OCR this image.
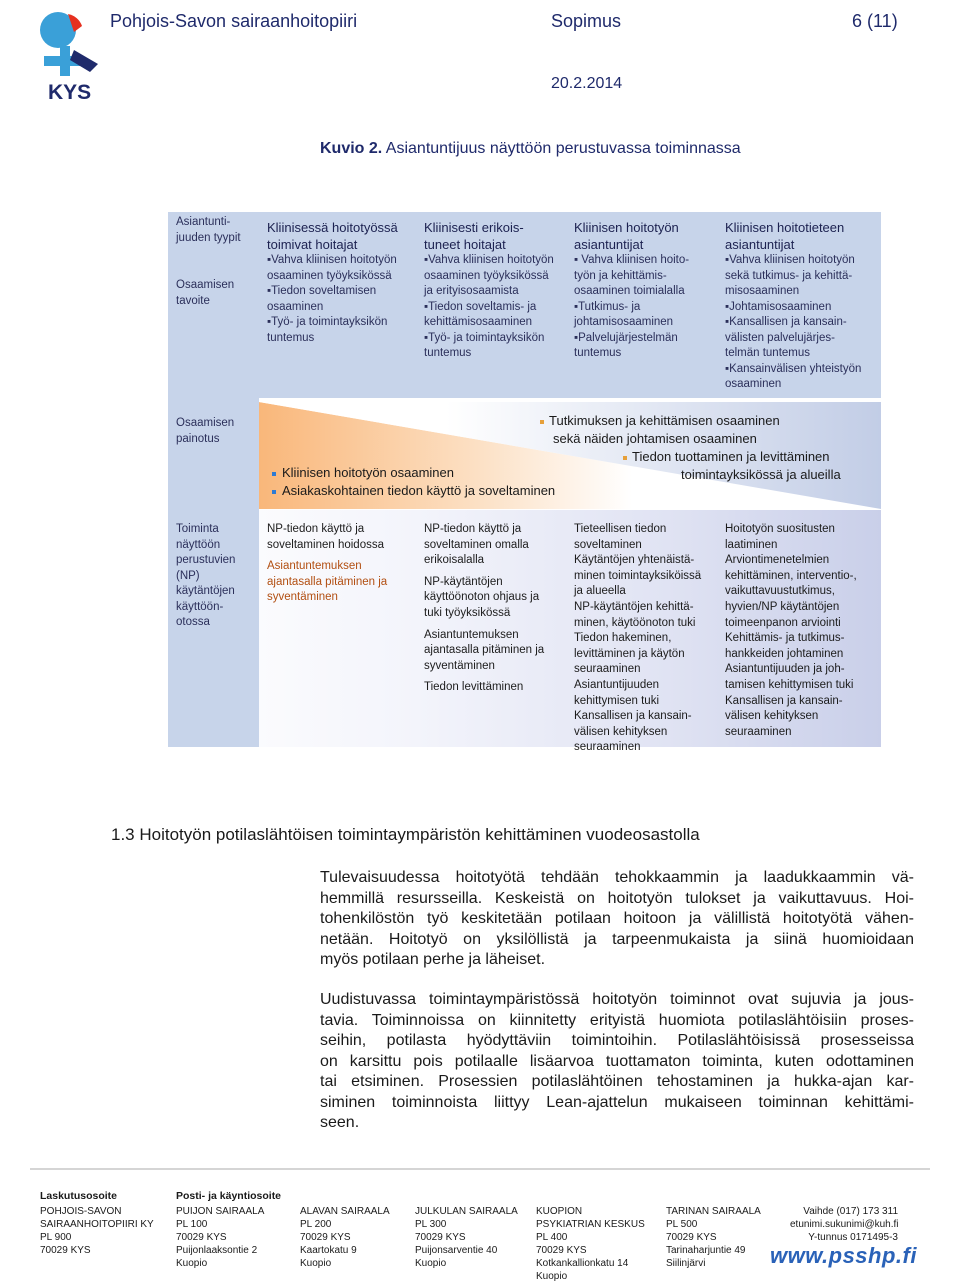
KYS
Pohjois-Savon sairaanhoitopiiri	Sopimus	6 (11)
20.2.2014
Kuvio 2. Asiantuntijuus näyttöön perustuvassa toiminnassa
Asiantunti-
juuden tyypit
Osaamisen
tavoite
Kliinisessä hoitotyössä
toimivat hoitajat
▪Vahva kliinisen hoitotyön
osaaminen työyksikössä
▪Tiedon soveltamisen
osaaminen
▪Työ- ja toimintayksikön
tuntemus

Kliinisesti erikois-
tuneet hoitajat
▪Vahva kliinisen hoitotyön
osaaminen työyksikössä
ja erityisosaamista
▪Tiedon soveltamis- ja
kehittämisosaaminen
▪Työ- ja toimintayksikön
tuntemus

Kliinisen hoitotyön
asiantuntijat
▪ Vahva kliinisen hoito-
työn ja kehittämis-
osaaminen toimialalla
▪Tutkimus- ja
johtamisosaaminen
▪Palvelujärjestelmän
tuntemus

Kliinisen hoitotieteen
asiantuntijat
▪Vahva kliinisen hoitotyön
sekä tutkimus- ja kehittä-
misosaaminen
▪Johtamisosaaminen
▪Kansallisen ja kansain-
välisten palvelujärjes-
telmän tuntemus
▪Kansainvälisen yhteistyön
osaaminen

Osaamisen
painotus
Tutkimuksen ja kehittämisen osaaminen
sekä näiden johtamisen osaaminen
Tiedon tuottaminen ja levittäminen
toimintayksikössä ja alueilla
Kliinisen hoitotyön osaaminen
Asiakaskohtainen tiedon käyttö ja soveltaminen
Toiminta
näyttöön
perustuvien
(NP)
käytäntöjen
käyttöön-
otossa

NP-tiedon käyttö ja
soveltaminen hoidossa

Asiantuntemuksen
ajantasalla pitäminen ja
syventäminen

NP-tiedon käyttö ja
soveltaminen omalla
erikoisalalla

NP-käytäntöjen
käyttöönoton ohjaus ja
tuki työyksikössä

Asiantuntemuksen
ajantasalla pitäminen ja
syventäminen

Tiedon levittäminen

Tieteellisen tiedon
soveltaminen
Käytäntöjen yhtenäistä-
minen toimintayksiköissä
ja alueella
NP-käytäntöjen kehittä-
minen, käytöönoton tuki
Tiedon hakeminen,
levittäminen ja käytön
seuraaminen
Asiantuntijuuden
kehittymisen tuki
Kansallisen ja kansain-
välisen kehityksen
seuraaminen

Hoitotyön suositusten
laatiminen
Arviontimenetelmien
kehittäminen, interventio-,
vaikuttavuustutkimus,
hyvien/NP käytäntöjen
toimeenpanon arviointi
Kehittämis- ja tutkimus-
hankkeiden johtaminen
Asiantuntijuuden ja joh-
tamisen kehittymisen tuki
Kansallisen ja kansain-
välisen kehityksen
seuraaminen

1.3 Hoitotyön potilaslähtöisen toimintaympäristön kehittäminen vuodeosastolla
Tulevaisuudessa hoitotyötä tehdään tehokkaammin ja laadukkaammin vä-
hemmillä resursseilla. Keskeistä on hoitotyön tulokset ja vaikuttavuus. Hoi-
tohenkilöstön työ keskitetään potilaan hoitoon ja välillistä hoitotyötä vähen-
netään. Hoitotyö on yksilöllistä ja tarpeenmukaista ja siinä huomioidaan
myös potilaan perhe ja läheiset.
Uudistuvassa toimintaympäristössä hoitotyön toiminnot ovat sujuvia ja jous-
tavia. Toiminnoissa on kiinnitetty erityistä huomiota potilaslähtöisiin proses-
seihin, potilasta hyödyttäviin toimintoihin. Potilaslähtöisissä prosesseissa
on karsittu pois potilaalle lisäarvoa tuottamaton toiminta, kuten odottaminen
tai etsiminen. Prosessien potilaslähtöinen tehostaminen ja hukka-ajan kar-
siminen toiminnoista liittyy Lean-ajattelun mukaiseen toiminnan kehittämi-
seen.
Laskutusosoite
POHJOIS-SAVON
SAIRAANHOITOPIIRI KY
PL 900
70029 KYS

Posti- ja käyntiosoite
PUIJON SAIRAALA
PL 100
70029 KYS
Puijonlaaksontie 2
Kuopio

ALAVAN SAIRAALA
PL 200
70029 KYS
Kaartokatu 9
Kuopio

JULKULAN SAIRAALA
PL 300
70029 KYS
Puijonsarventie 40
Kuopio

KUOPION
PSYKIATRIAN KESKUS
PL 400
70029 KYS
Kotkankallionkatu 14
Kuopio

TARINAN SAIRAALA
PL 500
70029 KYS
Tarinaharjuntie 49
Siilinjärvi

Vaihde (017) 173 311
etunimi.sukunimi@kuh.fi
Y-tunnus 0171495-3

www.psshp.fi
